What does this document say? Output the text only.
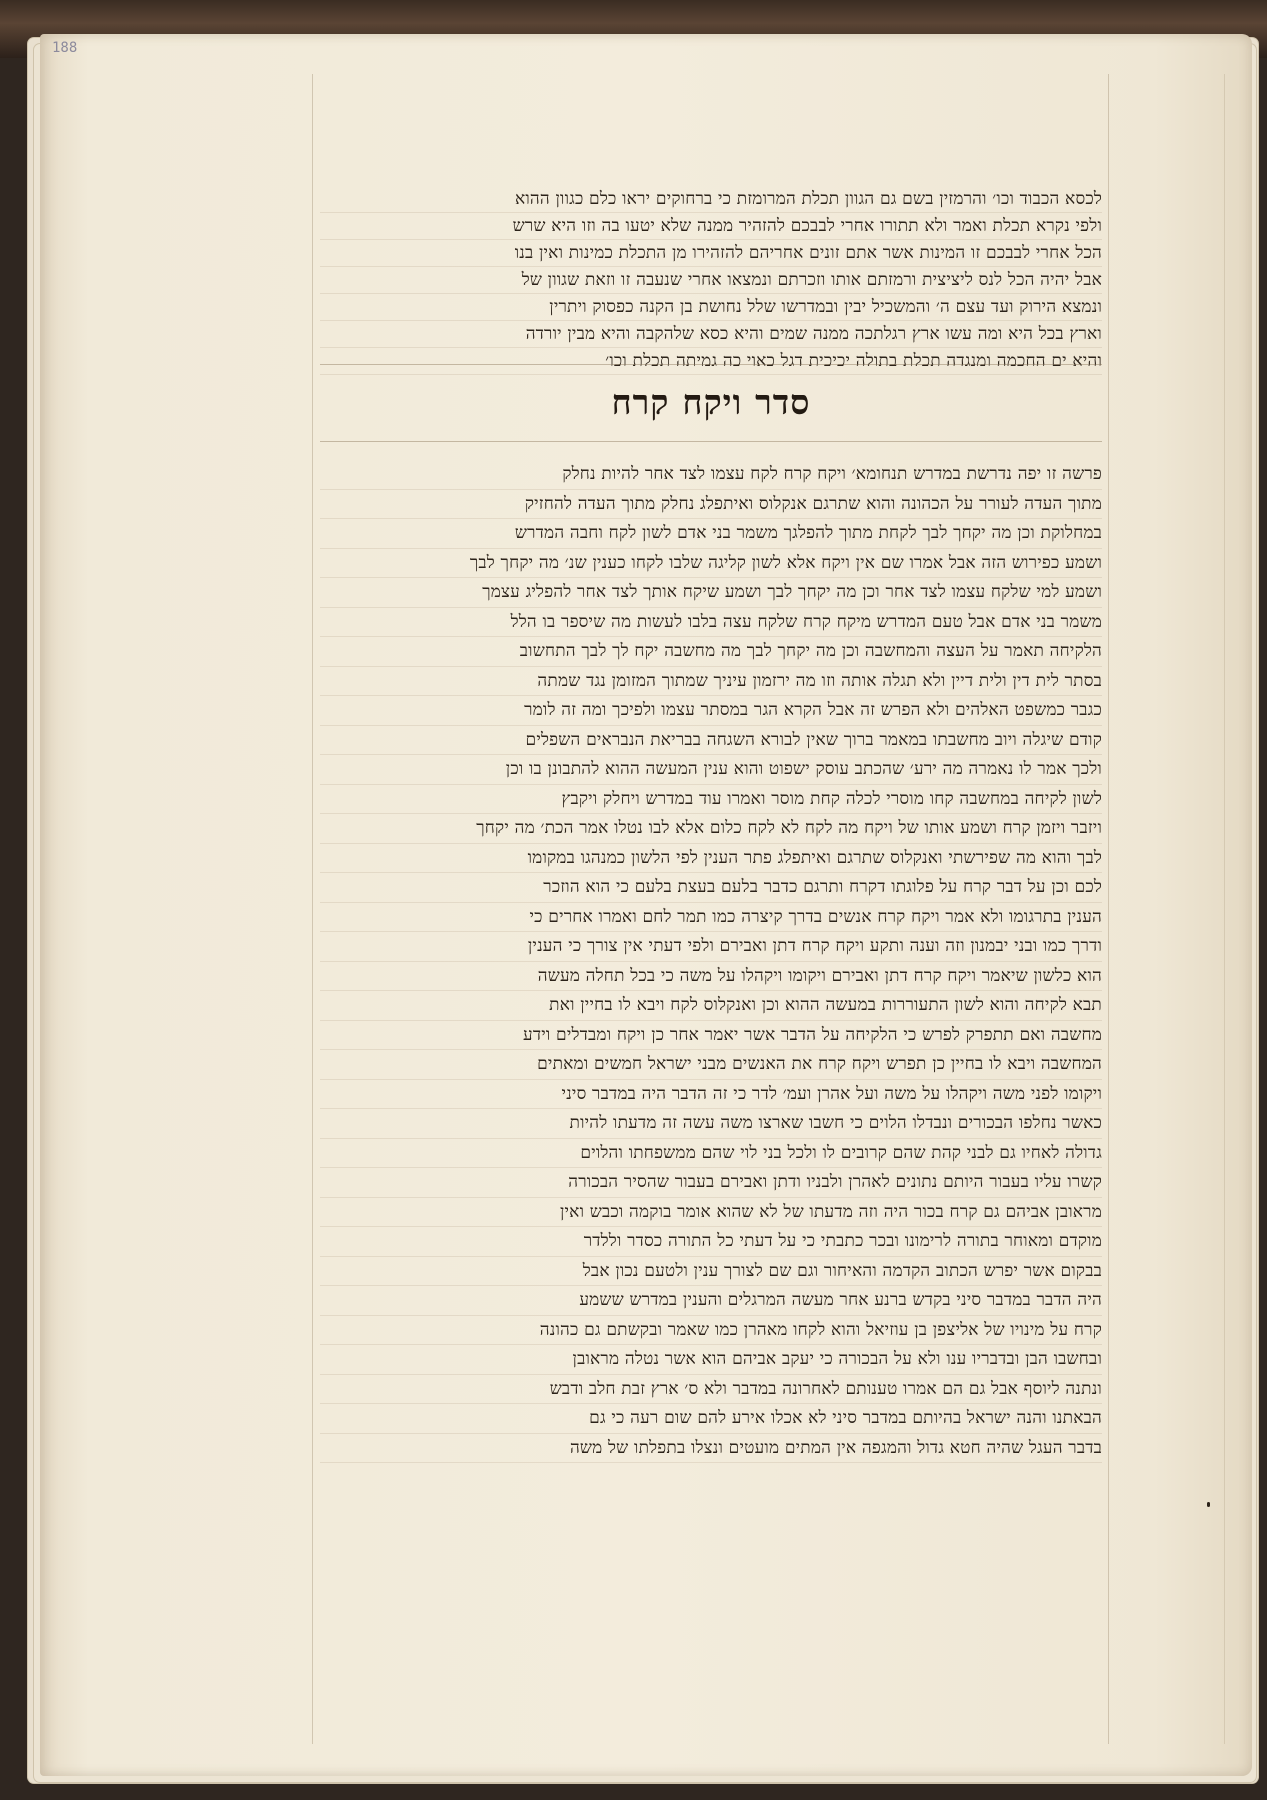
188
לכסא הכבוד וכו׳ והרמזין בשם גם הגוון תכלת המרומזת כי ברחוקים יראו כלם כגוון ההוא
ולפי נקרא תכלת ואמר ולא תתורו אחרי לבבכם להזהיר ממנה שלא יטעו בה וזו היא שרש
הכל אחרי לבבכם זו המינות אשר אתם זונים אחריהם להזהירו מן התכלת כמינות ואין בנו
אבל יהיה הכל לנס ליציצית ורמזתם אותו וזכרתם ונמצאו אחרי שנעבה זו וזאת שגוון של
ונמצא הירוק ועד עצם ה׳ והמשכיל יבין ובמדרשו שלל נחושת בן הקנה כפסוק ויתרין
וארץ בכל היא ומה עשו ארץ רגלתכה ממנה שמים והיא כסא שלהקבה והיא מבין יורדה
והיא ים החכמה ומנגדה תכלת בתולה יכיכית דגל כאוי כה גמיתה תכלת וכו׳
סדר ויקח קרח
פרשה זו יפה נדרשת במדרש תנחומא׳ ויקח קרח לקח עצמו לצד אחר להיות נחלק
מתוך העדה לעורר על הכהונה והוא שתרגם אנקלוס ואיתפלג נחלק מתוך העדה להחזיק
במחלוקת וכן מה יקחך לבך לקחת מתוך להפלגך משמר בני אדם לשון לקח וחבה המדרש
ושמע כפירוש הזה אבל אמרו שם אין ויקח אלא לשון קליגה שלבו לקחו כענין שנ׳ מה יקחך לבך
ושמע למי שלקח עצמו לצד אחר וכן מה יקחך לבך ושמע שיקח אותך לצד אחר להפליג עצמך
משמר בני אדם אבל טעם המדרש מיקח קרח שלקח עצה בלבו לעשות מה שיספר בו הלל
הלקיחה תאמר על העצה והמחשבה וכן מה יקחך לבך מה מחשבה יקח לך לבך התחשוב
בסתר לית דין ולית דיין ולא תגלה אותה וזו מה ירזמון עיניך שמתוך המזומן נגד שמתה
כגבר כמשפט האלהים ולא הפרש זה אבל הקרא הגר במסתר עצמו ולפיכך ומה זה לומר
קודם שיגלה ויוב מחשבתו במאמר ברוך שאין לבורא השגחה בבריאת הנבראים השפלים
ולכך אמר לו נאמרה מה ירע׳ שהכתב עוסק ישפוט והוא ענין המעשה ההוא להתבונן בו וכן
לשון לקיחה במחשבה קחו מוסרי לכלה קחת מוסר ואמרו עוד במדרש ויחלק ויקבץ
ויזבר ויזמן קרח ושמע אותו של ויקח מה לקח לא לקח כלום אלא לבו נטלו אמר הכת׳ מה יקחך
לבך והוא מה שפירשתי ואנקלוס שתרגם ואיתפלג פתר הענין לפי הלשון כמנהגו במקומו
לכם וכן על דבר קרח על פלוגתו דקרח ותרגם כדבר בלעם בעצת בלעם כי הוא הוזכר
הענין בתרגומו ולא אמר ויקח קרח אנשים בדרך קיצרה כמו תמר לחם ואמרו אחרים כי
ודרך כמו ובני יבמנון וזה וענה ותקע ויקח קרח דתן ואבירם ולפי דעתי אין צורך כי הענין
הוא כלשון שיאמר ויקח קרח דתן ואבירם ויקומו ויקהלו על משה כי בכל תחלה מעשה
תבא לקיחה והוא לשון התעוררות במעשה ההוא וכן ואנקלוס לקח ויבא לו בחיין ואת
מחשבה ואם תתפרק לפרש כי הלקיחה על הדבר אשר יאמר אחר כן ויקח ומבדלים וידע
המחשבה ויבא לו בחיין כן תפרש ויקח קרח את האנשים מבני ישראל חמשים ומאתים
ויקומו לפני משה ויקהלו על משה ועל אהרן ועמ׳ לדר כי זה הדבר היה במדבר סיני
כאשר נחלפו הבכורים ונבדלו הלוים כי חשבו שארצו משה עשה זה מדעתו להיות
גדולה לאחיו גם לבני קהת שהם קרובים לו ולכל בני לוי שהם ממשפחתו והלוים
קשרו עליו בעבור היותם נתונים לאהרן ולבניו ודתן ואבירם בעבור שהסיר הבכורה
מראובן אביהם גם קרח בכור היה וזה מדעתו של לא שהוא אומר בוקמה וכבש ואין
מוקדם ומאוחר בתורה לרימונו ובכר כתבתי כי על דעתי כל התורה כסדר וללדר
בבקום אשר יפרש הכתוב הקדמה והאיחור וגם שם לצורך ענין ולטעם נכון אבל
היה הדבר במדבר סיני בקדש ברנע אחר מעשה המרגלים והענין במדרש ששמע
קרח על מינויו של אליצפן בן עוזיאל והוא לקחו מאהרן כמו שאמר ובקשתם גם כהונה
ובחשבו הבן ובדבריו ענו ולא על הבכורה כי יעקב אביהם הוא אשר נטלה מראובן
ונתנה ליוסף אבל גם הם אמרו טענותם לאחרונה במדבר ולא ס׳ ארץ זבת חלב ודבש
הבאתנו והנה ישראל בהיותם במדבר סיני לא אכלו אירע להם שום רעה כי גם
בדבר העגל שהיה חטא גדול והמגפה אין המתים מועטים ונצלו בתפלתו של משה
